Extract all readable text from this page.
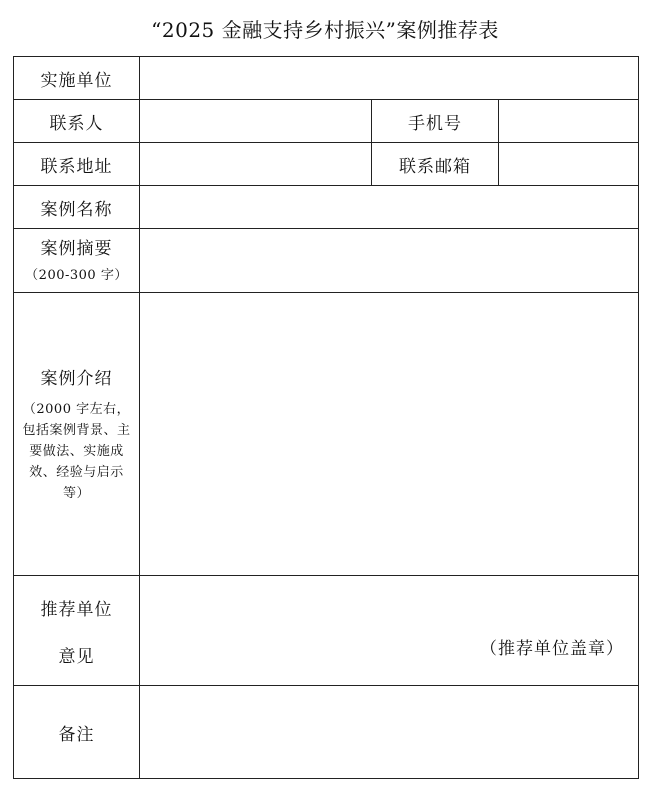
“2025 金融支持乡村振兴”案例推荐表
实施单位			
联系人		手机号	
联系地址		联系邮箱	
案例名称			
案例摘要
（200-300 字）			

案例介绍
（2000 字左右，包括案例背景、主要做法、实施成效、经验与启示等）			

推荐单位
意见	（推荐单位盖章）		

备注			
